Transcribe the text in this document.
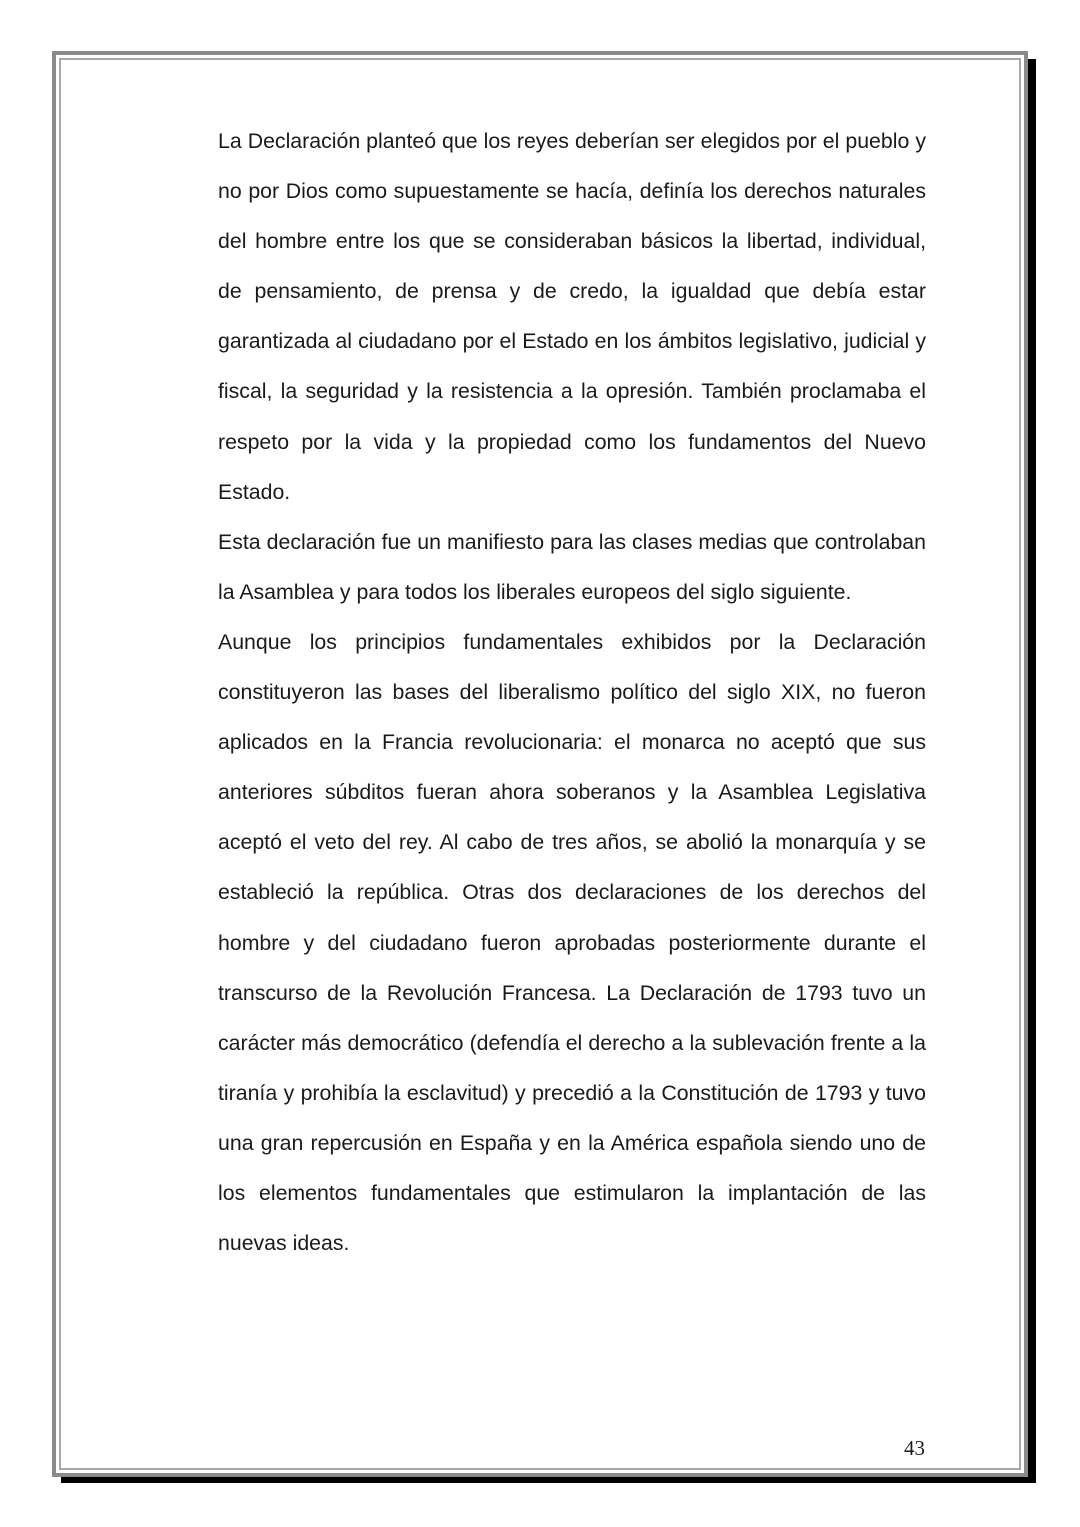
La Declaración planteó que los reyes deberían ser elegidos por el pueblo y no por Dios como supuestamente se hacía, definía los derechos naturales del hombre entre los que se consideraban básicos la libertad, individual, de pensamiento, de prensa y de credo, la igualdad que debía estar garantizada al ciudadano por el Estado en los ámbitos legislativo, judicial y fiscal, la seguridad y la resistencia a la opresión. También proclamaba el respeto por la vida y la propiedad como los fundamentos del Nuevo Estado.

Esta declaración fue un manifiesto para las clases medias que controlaban la Asamblea y para todos los liberales europeos del siglo siguiente.

Aunque los principios fundamentales exhibidos por la Declaración constituyeron las bases del liberalismo político del siglo XIX, no fueron aplicados en la Francia revolucionaria: el monarca no aceptó que sus anteriores súbditos fueran ahora soberanos y la Asamblea Legislativa aceptó el veto del rey. Al cabo de tres años, se abolió la monarquía y se estableció la república. Otras dos declaraciones de los derechos del hombre y del ciudadano fueron aprobadas posteriormente durante el transcurso de la Revolución Francesa. La Declaración de 1793 tuvo un carácter más democrático (defendía el derecho a la sublevación frente a la tiranía y prohibía la esclavitud) y precedió a la Constitución de 1793 y tuvo una gran repercusión en España y en la América española siendo uno de los elementos fundamentales que estimularon la implantación de las nuevas ideas.

43
